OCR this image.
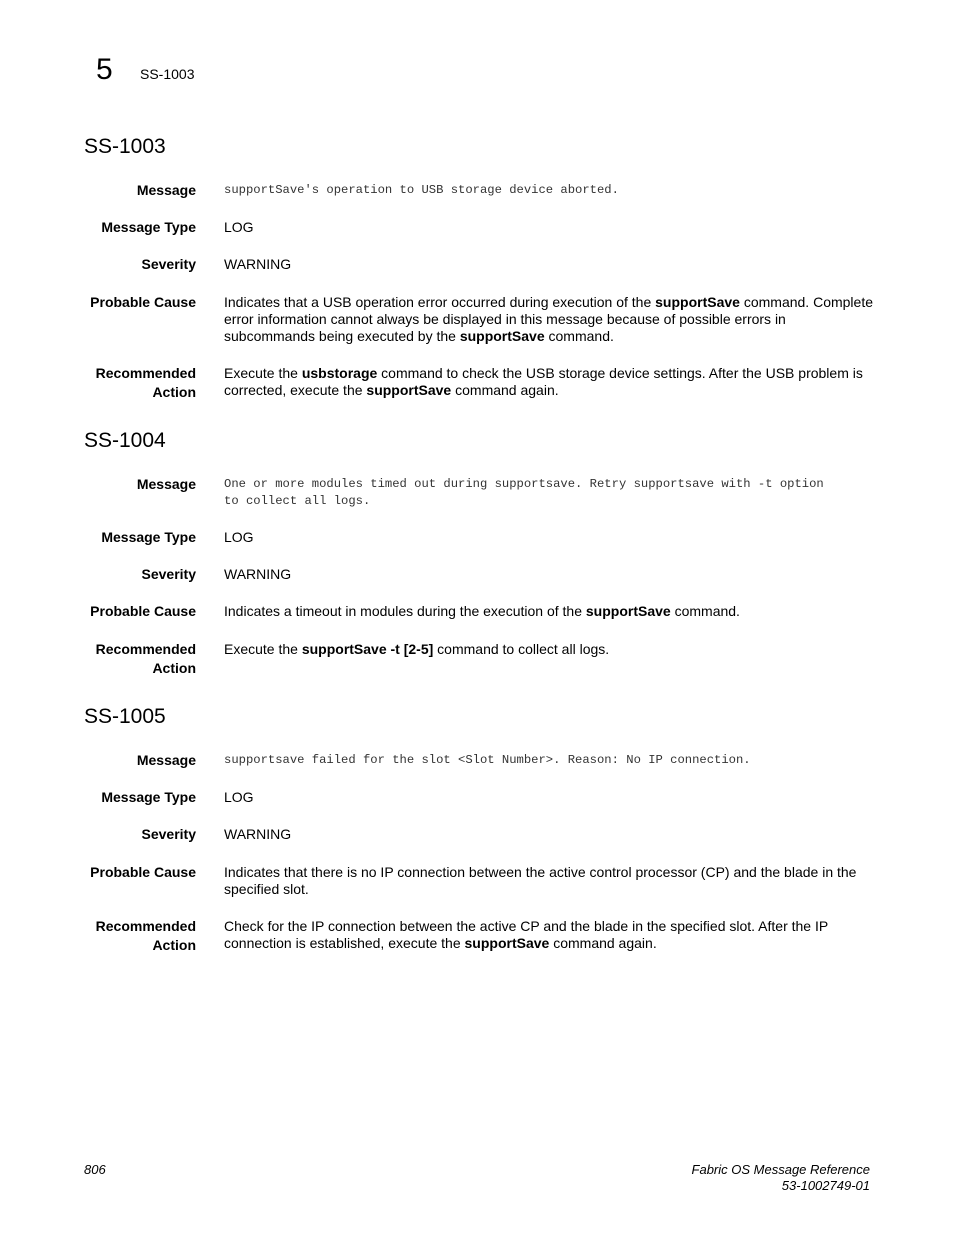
5 SS-1003
SS-1003
Message supportSave's operation to USB storage device aborted.
Message Type LOG
Severity WARNING
Probable Cause Indicates that a USB operation error occurred during execution of the supportSave command. Complete error information cannot always be displayed in this message because of possible errors in subcommands being executed by the supportSave command.
Recommended
Action
Execute the usbstorage command to check the USB storage device settings. After the USB problem is corrected, execute the supportSave command again.
SS-1004
Message One or more modules timed out during supportsave. Retry supportsave with -t option
to collect all logs.
Message Type LOG
Severity WARNING
Probable Cause Indicates a timeout in modules during the execution of the supportSave command.
Recommended
Action
Execute the supportSave -t [2-5] command to collect all logs.
SS-1005
Message supportsave failed for the slot <Slot Number>. Reason: No IP connection.
Message Type LOG
Severity WARNING
Probable Cause Indicates that there is no IP connection between the active control processor (CP) and the blade in the specified slot.
Recommended
Action
Check for the IP connection between the active CP and the blade in the specified slot. After the IP connection is established, execute the supportSave command again.
806	Fabric OS Message Reference
53-1002749-01
